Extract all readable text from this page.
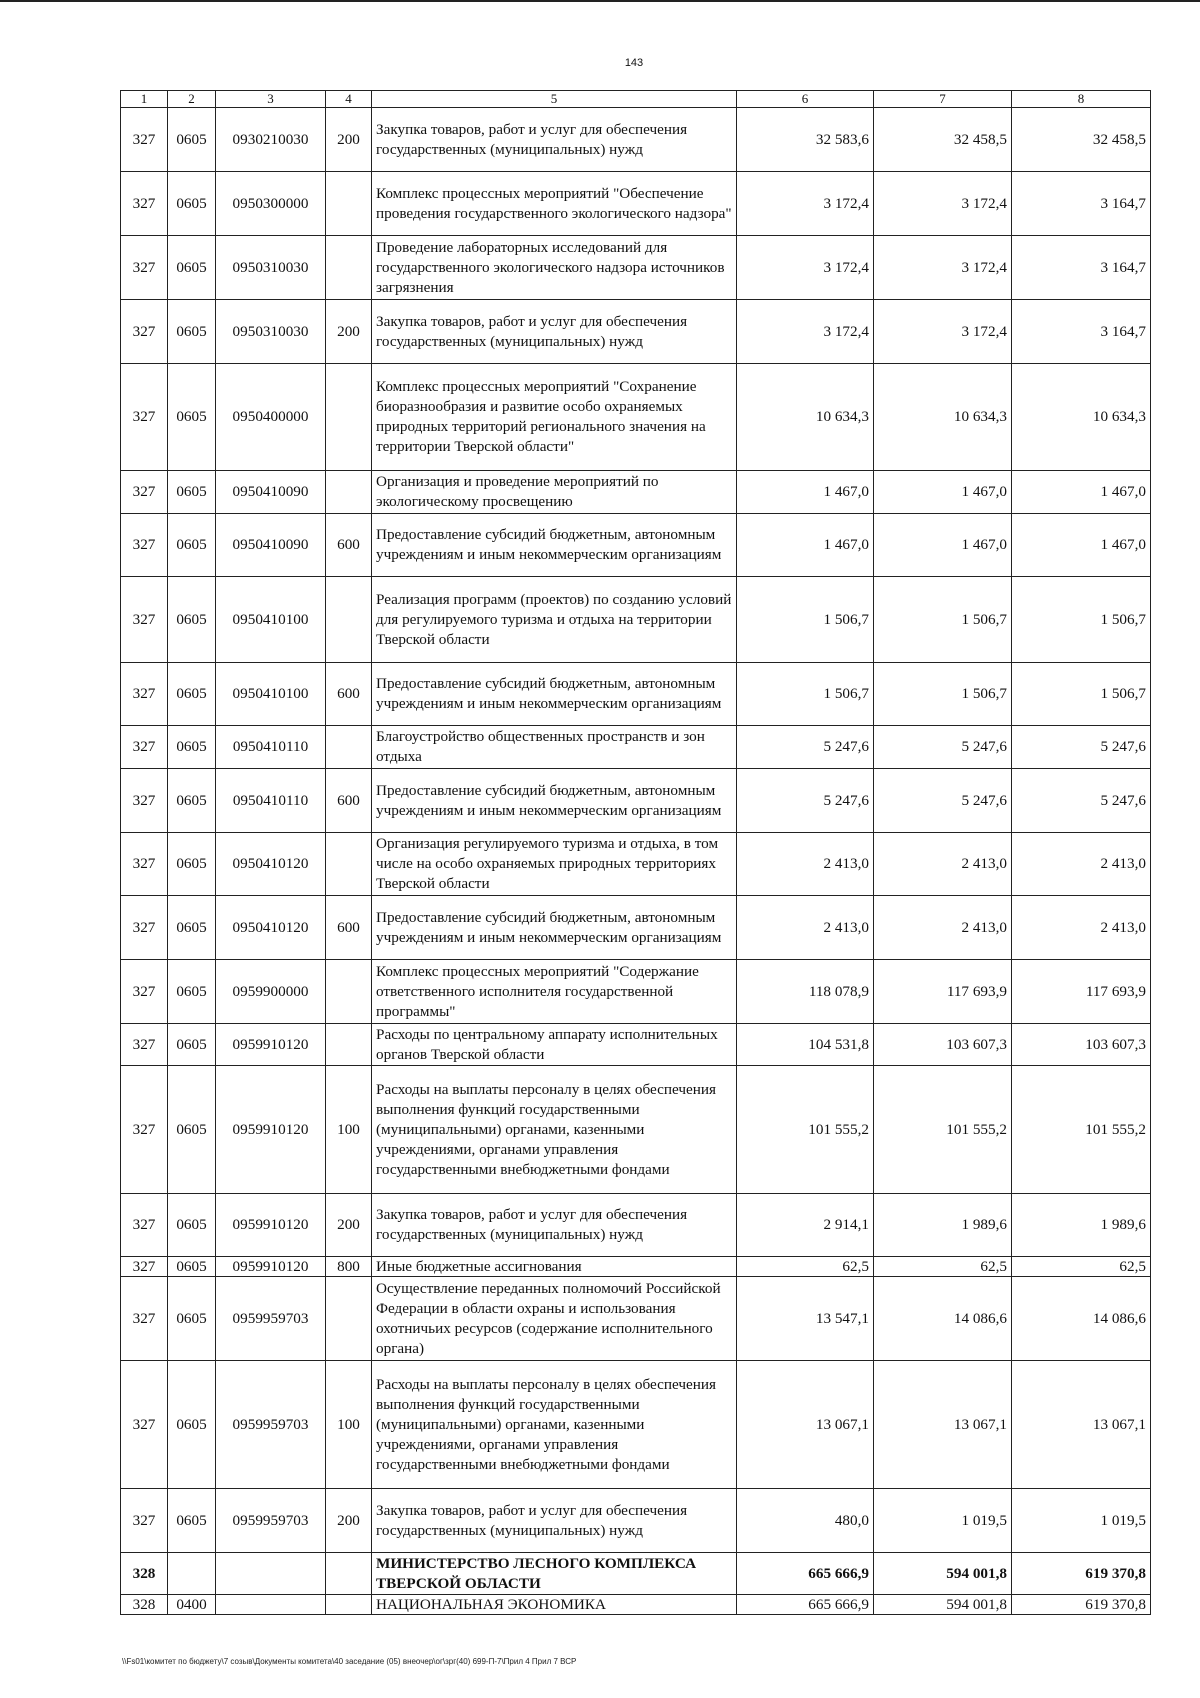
143
1	2	3	4	5	6	7	8
327	0605	0930210030	200	Закупка товаров, работ и услуг для обеспечения государственных (муниципальных) нужд	32 583,6	32 458,5	32 458,5
327	0605	0950300000		Комплекс процессных мероприятий "Обеспечение проведения государственного экологического надзора"	3 172,4	3 172,4	3 164,7
327	0605	0950310030		Проведение лабораторных исследований для государственного экологического надзора источников загрязнения	3 172,4	3 172,4	3 164,7
327	0605	0950310030	200	Закупка товаров, работ и услуг для обеспечения государственных (муниципальных) нужд	3 172,4	3 172,4	3 164,7
327	0605	0950400000		Комплекс процессных мероприятий "Сохранение биоразнообразия и развитие особо охраняемых природных территорий регионального значения на территории Тверской области"	10 634,3	10 634,3	10 634,3
327	0605	0950410090		Организация и проведение мероприятий по экологическому просвещению	1 467,0	1 467,0	1 467,0
327	0605	0950410090	600	Предоставление субсидий бюджетным, автономным учреждениям и иным некоммерческим организациям	1 467,0	1 467,0	1 467,0
327	0605	0950410100		Реализация программ (проектов) по созданию условий для регулируемого туризма и отдыха на территории Тверской области	1 506,7	1 506,7	1 506,7
327	0605	0950410100	600	Предоставление субсидий бюджетным, автономным учреждениям и иным некоммерческим организациям	1 506,7	1 506,7	1 506,7
327	0605	0950410110		Благоустройство общественных пространств и зон отдыха	5 247,6	5 247,6	5 247,6
327	0605	0950410110	600	Предоставление субсидий бюджетным, автономным учреждениям и иным некоммерческим организациям	5 247,6	5 247,6	5 247,6
327	0605	0950410120		Организация регулируемого туризма и отдыха, в том числе на особо охраняемых природных территориях Тверской области	2 413,0	2 413,0	2 413,0
327	0605	0950410120	600	Предоставление субсидий бюджетным, автономным учреждениям и иным некоммерческим организациям	2 413,0	2 413,0	2 413,0
327	0605	0959900000		Комплекс процессных мероприятий "Содержание ответственного исполнителя государственной программы"	118 078,9	117 693,9	117 693,9
327	0605	0959910120		Расходы по центральному аппарату исполнительных органов Тверской области	104 531,8	103 607,3	103 607,3
327	0605	0959910120	100	Расходы на выплаты персоналу в целях обеспечения выполнения функций государственными (муниципальными) органами, казенными учреждениями, органами управления государственными внебюджетными фондами	101 555,2	101 555,2	101 555,2
327	0605	0959910120	200	Закупка товаров, работ и услуг для обеспечения государственных (муниципальных) нужд	2 914,1	1 989,6	1 989,6
327	0605	0959910120	800	Иные бюджетные ассигнования	62,5	62,5	62,5
327	0605	0959959703		Осуществление переданных полномочий Российской Федерации в области охраны и использования охотничьих ресурсов (содержание исполнительного органа)	13 547,1	14 086,6	14 086,6
327	0605	0959959703	100	Расходы на выплаты персоналу в целях обеспечения выполнения функций государственными (муниципальными) органами, казенными учреждениями, органами управления государственными внебюджетными фондами	13 067,1	13 067,1	13 067,1
327	0605	0959959703	200	Закупка товаров, работ и услуг для обеспечения государственных (муниципальных) нужд	480,0	1 019,5	1 019,5
328				МИНИСТЕРСТВО ЛЕСНОГО КОМПЛЕКСА ТВЕРСКОЙ ОБЛАСТИ	665 666,9	594 001,8	619 370,8
328	0400			НАЦИОНАЛЬНАЯ ЭКОНОМИКА	665 666,9	594 001,8	619 370,8
\\Fs01\комитет по бюджету\7 созыв\Документы комитета\40 заседание (05) внеочер\ог\зрг(40) 699-П-7\Прил 4 Прил 7 ВСР
